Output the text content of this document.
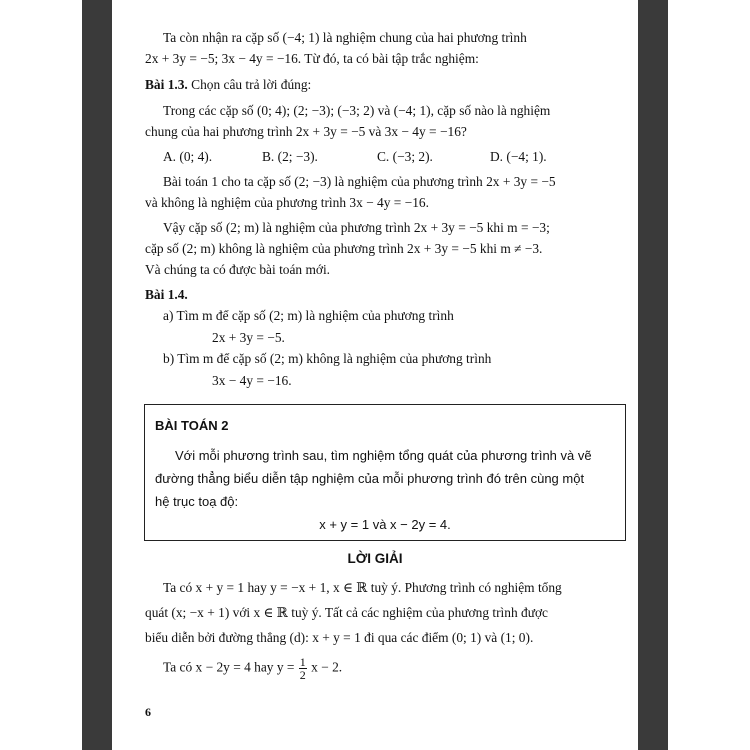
Ta còn nhận ra cặp số (−4; 1) là nghiệm chung của hai phương trình
2x + 3y = −5; 3x − 4y = −16. Từ đó, ta có bài tập trắc nghiệm:
Bài 1.3. Chọn câu trả lời đúng:
Trong các cặp số (0; 4); (2; −3); (−3; 2) và (−4; 1), cặp số nào là nghiệm
chung của hai phương trình 2x + 3y = −5 và 3x − 4y = −16?
A. (0; 4).	B. (2; −3).	C. (−3; 2).	D. (−4; 1).
Bài toán 1 cho ta cặp số (2; −3) là nghiệm của phương trình 2x + 3y = −5
và không là nghiệm của phương trình 3x − 4y = −16.
Vậy cặp số (2; m) là nghiệm của phương trình 2x + 3y = −5 khi m = −3;
cặp số (2; m) không là nghiệm của phương trình 2x + 3y = −5 khi m ≠ −3.
Và chúng ta có được bài toán mới.
Bài 1.4.
a) Tìm m để cặp số (2; m) là nghiệm của phương trình
2x + 3y = −5.
b) Tìm m để cặp số (2; m) không là nghiệm của phương trình
3x − 4y = −16.
BÀI TOÁN 2
Với mỗi phương trình sau, tìm nghiệm tổng quát của phương trình và vẽ
đường thẳng biểu diễn tập nghiệm của mỗi phương trình đó trên cùng một
hệ trục toạ độ:
x + y = 1 và x − 2y = 4.
LỜI GIẢI
Ta có x + y = 1 hay y = −x + 1, x ∈ ℝ tuỳ ý. Phương trình có nghiệm tổng
quát (x; −x + 1) với x ∈ ℝ tuỳ ý. Tất cả các nghiệm của phương trình được
biểu diễn bởi đường thẳng (d): x + y = 1 đi qua các điểm (0; 1) và (1; 0).
Ta có x − 2y = 4 hay $y = \frac{1}{2}$ x − 2.
6
